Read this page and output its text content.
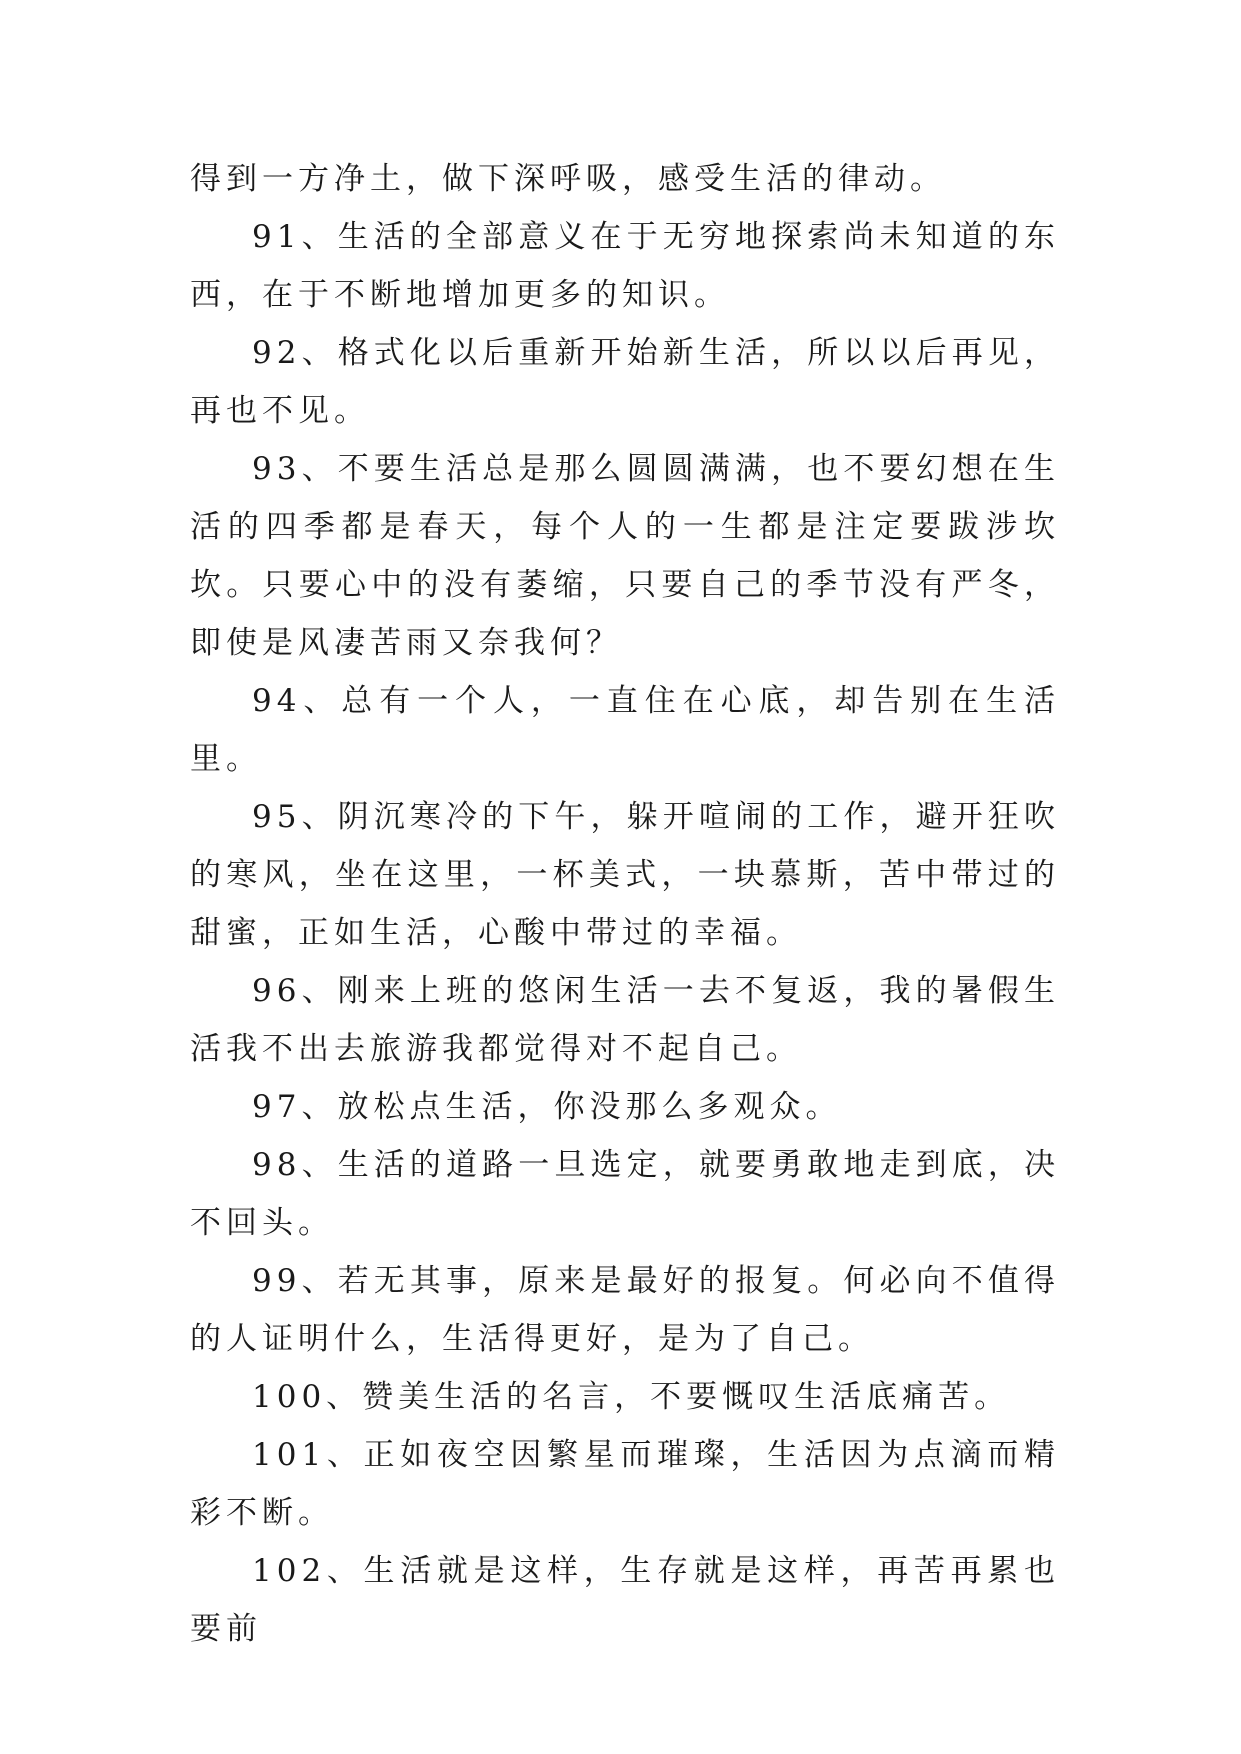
得到一方净土，做下深呼吸，感受生活的律动。

91、生活的全部意义在于无穷地探索尚未知道的东西，在于不断地增加更多的知识。

92、格式化以后重新开始新生活，所以以后再见，再也不见。

93、不要生活总是那么圆圆满满，也不要幻想在生活的四季都是春天，每个人的一生都是注定要跋涉坎坎。只要心中的没有萎缩，只要自己的季节没有严冬，即使是风凄苦雨又奈我何？

94、总有一个人，一直住在心底，却告别在生活里。

95、阴沉寒冷的下午，躲开喧闹的工作，避开狂吹的寒风，坐在这里，一杯美式，一块慕斯，苦中带过的甜蜜，正如生活，心酸中带过的幸福。

96、刚来上班的悠闲生活一去不复返，我的暑假生活我不出去旅游我都觉得对不起自己。

97、放松点生活，你没那么多观众。

98、生活的道路一旦选定，就要勇敢地走到底，决不回头。

99、若无其事，原来是最好的报复。何必向不值得的人证明什么，生活得更好，是为了自己。

100、赞美生活的名言，不要慨叹生活底痛苦。

101、正如夜空因繁星而璀璨，生活因为点滴而精彩不断。

102、生活就是这样，生存就是这样，再苦再累也要前
